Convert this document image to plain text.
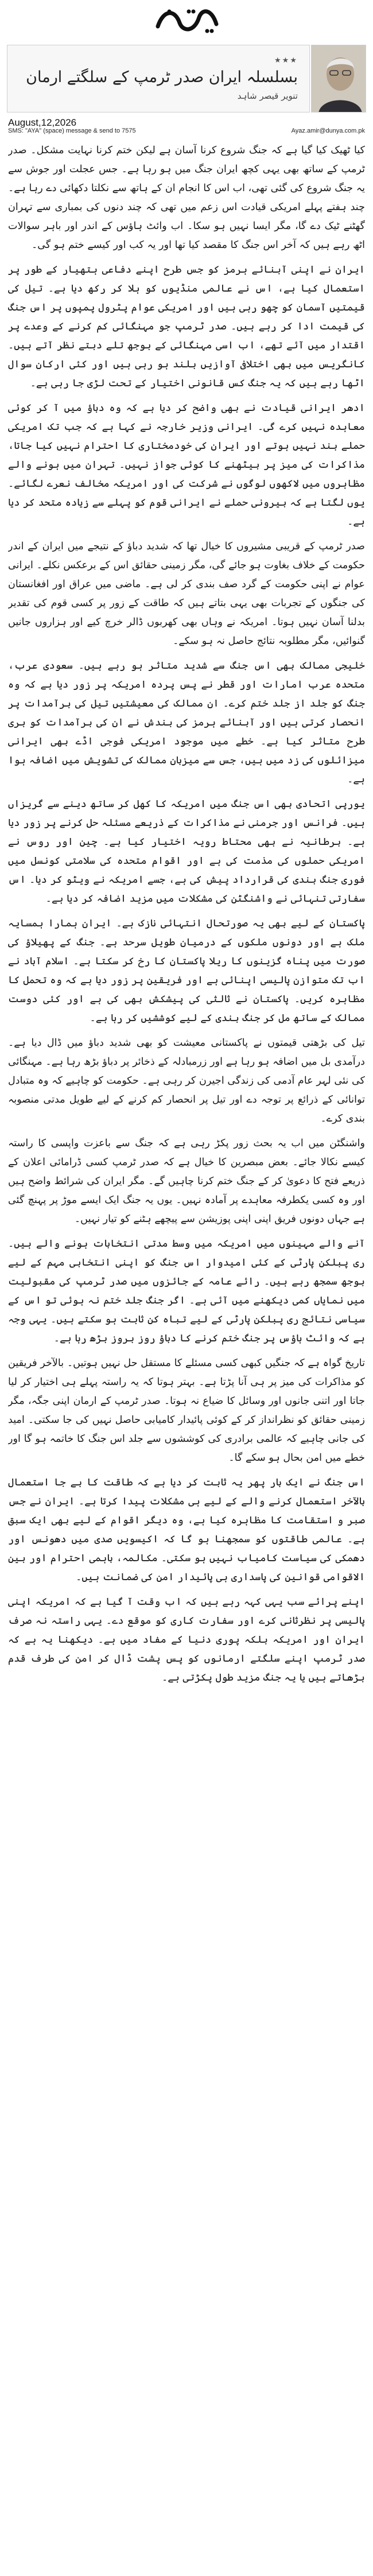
★★★
بسلسلہ ایران صدر ٹرمپ کے سلگتے ارمان
تنویر قیصر شاہد
August,12,2026
SMS: "AYA" (space) message & send to 7575	Ayaz.amir@dunya.com.pk

کیا ٹھیک کیا گیا ہے کہ جنگ شروع کرنا آسان ہے لیکن ختم کرنا نہایت مشکل۔ صدر ٹرمپ کے ساتھ بھی یہی کچھ ایران جنگ میں ہو رہا ہے۔ جس عجلت اور جوش سے یہ جنگ شروع کی گئی تھی، اب اس کا انجام ان کے ہاتھ سے نکلتا دکھائی دے رہا ہے۔ چند ہفتے پہلے امریکی قیادت اس زعم میں تھی کہ چند دنوں کی بمباری سے تہران گھٹنے ٹیک دے گا، مگر ایسا نہیں ہو سکا۔ اب وائٹ ہاؤس کے اندر اور باہر سوالات اٹھ رہے ہیں کہ آخر اس جنگ کا مقصد کیا تھا اور یہ کب اور کیسے ختم ہو گی۔

ایران نے اپنی آبنائے ہرمز کو جس طرح اپنے دفاعی ہتھیار کے طور پر استعمال کیا ہے، اس نے عالمی منڈیوں کو ہلا کر رکھ دیا ہے۔ تیل کی قیمتیں آسمان کو چھو رہی ہیں اور امریکی عوام پٹرول پمپوں پر اس جنگ کی قیمت ادا کر رہے ہیں۔ صدر ٹرمپ جو مہنگائی کم کرنے کے وعدے پر اقتدار میں آئے تھے، اب اسی مہنگائی کے بوجھ تلے دبتے نظر آتے ہیں۔ کانگریس میں بھی اختلافی آوازیں بلند ہو رہی ہیں اور کئی ارکان سوال اٹھا رہے ہیں کہ یہ جنگ کس قانونی اختیار کے تحت لڑی جا رہی ہے۔

ادھر ایرانی قیادت نے بھی واضح کر دیا ہے کہ وہ دباؤ میں آ کر کوئی معاہدہ نہیں کرے گی۔ ایرانی وزیر خارجہ نے کہا ہے کہ جب تک امریکی حملے بند نہیں ہوتے اور ایران کی خودمختاری کا احترام نہیں کیا جاتا، مذاکرات کی میز پر بیٹھنے کا کوئی جواز نہیں۔ تہران میں ہونے والے مظاہروں میں لاکھوں لوگوں نے شرکت کی اور امریکہ مخالف نعرے لگائے۔ یوں لگتا ہے کہ بیرونی حملے نے ایرانی قوم کو پہلے سے زیادہ متحد کر دیا ہے۔

صدر ٹرمپ کے قریبی مشیروں کا خیال تھا کہ شدید دباؤ کے نتیجے میں ایران کے اندر حکومت کے خلاف بغاوت ہو جائے گی، مگر زمینی حقائق اس کے برعکس نکلے۔ ایرانی عوام نے اپنی حکومت کے گرد صف بندی کر لی ہے۔ ماضی میں عراق اور افغانستان کی جنگوں کے تجربات بھی یہی بتاتے ہیں کہ طاقت کے زور پر کسی قوم کی تقدیر بدلنا آسان نہیں ہوتا۔ امریکہ نے وہاں بھی کھربوں ڈالر خرچ کیے اور ہزاروں جانیں گنوائیں، مگر مطلوبہ نتائج حاصل نہ ہو سکے۔

خلیجی ممالک بھی اس جنگ سے شدید متاثر ہو رہے ہیں۔ سعودی عرب، متحدہ عرب امارات اور قطر نے پس پردہ امریکہ پر زور دیا ہے کہ وہ جنگ کو جلد از جلد ختم کرے۔ ان ممالک کی معیشتیں تیل کی برآمدات پر انحصار کرتی ہیں اور آبنائے ہرمز کی بندش نے ان کی برآمدات کو بری طرح متاثر کیا ہے۔ خطے میں موجود امریکی فوجی اڈے بھی ایرانی میزائلوں کی زد میں ہیں، جس سے میزبان ممالک کی تشویش میں اضافہ ہوا ہے۔

یورپی اتحادی بھی اس جنگ میں امریکہ کا کھل کر ساتھ دینے سے گریزاں ہیں۔ فرانس اور جرمنی نے مذاکرات کے ذریعے مسئلہ حل کرنے پر زور دیا ہے۔ برطانیہ نے بھی محتاط رویہ اختیار کیا ہے۔ چین اور روس نے امریکی حملوں کی مذمت کی ہے اور اقوام متحدہ کی سلامتی کونسل میں فوری جنگ بندی کی قرارداد پیش کی ہے، جسے امریکہ نے ویٹو کر دیا۔ اس سفارتی تنہائی نے واشنگٹن کی مشکلات میں مزید اضافہ کر دیا ہے۔

پاکستان کے لیے بھی یہ صورتحال انتہائی نازک ہے۔ ایران ہمارا ہمسایہ ملک ہے اور دونوں ملکوں کے درمیان طویل سرحد ہے۔ جنگ کے پھیلاؤ کی صورت میں پناہ گزینوں کا ریلا پاکستان کا رخ کر سکتا ہے۔ اسلام آباد نے اب تک متوازن پالیسی اپنائی ہے اور فریقین پر زور دیا ہے کہ وہ تحمل کا مظاہرہ کریں۔ پاکستان نے ثالثی کی پیشکش بھی کی ہے اور کئی دوست ممالک کے ساتھ مل کر جنگ بندی کے لیے کوششیں کر رہا ہے۔

تیل کی بڑھتی قیمتوں نے پاکستانی معیشت کو بھی شدید دباؤ میں ڈال دیا ہے۔ درآمدی بل میں اضافہ ہو رہا ہے اور زرمبادلہ کے ذخائر پر دباؤ بڑھ رہا ہے۔ مہنگائی کی نئی لہر عام آدمی کی زندگی اجیرن کر رہی ہے۔ حکومت کو چاہیے کہ وہ متبادل توانائی کے ذرائع پر توجہ دے اور تیل پر انحصار کم کرنے کے لیے طویل مدتی منصوبہ بندی کرے۔

واشنگٹن میں اب یہ بحث زور پکڑ رہی ہے کہ جنگ سے باعزت واپسی کا راستہ کیسے نکالا جائے۔ بعض مبصرین کا خیال ہے کہ صدر ٹرمپ کسی ڈرامائی اعلان کے ذریعے فتح کا دعویٰ کر کے جنگ ختم کرنا چاہیں گے۔ مگر ایران کی شرائط واضح ہیں اور وہ کسی یکطرفہ معاہدے پر آمادہ نہیں۔ یوں یہ جنگ ایک ایسے موڑ پر پہنچ گئی ہے جہاں دونوں فریق اپنی اپنی پوزیشن سے پیچھے ہٹنے کو تیار نہیں۔

آنے والے مہینوں میں امریکہ میں وسط مدتی انتخابات ہونے والے ہیں۔ ری پبلکن پارٹی کے کئی امیدوار اس جنگ کو اپنی انتخابی مہم کے لیے بوجھ سمجھ رہے ہیں۔ رائے عامہ کے جائزوں میں صدر ٹرمپ کی مقبولیت میں نمایاں کمی دیکھنے میں آئی ہے۔ اگر جنگ جلد ختم نہ ہوئی تو اس کے سیاسی نتائج ری پبلکن پارٹی کے لیے تباہ کن ثابت ہو سکتے ہیں۔ یہی وجہ ہے کہ وائٹ ہاؤس پر جنگ ختم کرنے کا دباؤ روز بروز بڑھ رہا ہے۔

تاریخ گواہ ہے کہ جنگیں کبھی کسی مسئلے کا مستقل حل نہیں ہوتیں۔ بالآخر فریقین کو مذاکرات کی میز پر ہی آنا پڑتا ہے۔ بہتر ہوتا کہ یہ راستہ پہلے ہی اختیار کر لیا جاتا اور اتنی جانوں اور وسائل کا ضیاع نہ ہوتا۔ صدر ٹرمپ کے ارمان اپنی جگہ، مگر زمینی حقائق کو نظرانداز کر کے کوئی پائیدار کامیابی حاصل نہیں کی جا سکتی۔ امید کی جانی چاہیے کہ عالمی برادری کی کوششوں سے جلد اس جنگ کا خاتمہ ہو گا اور خطے میں امن بحال ہو سکے گا۔

اس جنگ نے ایک بار پھر یہ ثابت کر دیا ہے کہ طاقت کا بے جا استعمال بالآخر استعمال کرنے والے کے لیے ہی مشکلات پیدا کرتا ہے۔ ایران نے جس صبر و استقامت کا مظاہرہ کیا ہے، وہ دیگر اقوام کے لیے بھی ایک سبق ہے۔ عالمی طاقتوں کو سمجھنا ہو گا کہ اکیسویں صدی میں دھونس اور دھمکی کی سیاست کامیاب نہیں ہو سکتی۔ مکالمہ، باہمی احترام اور بین الاقوامی قوانین کی پاسداری ہی پائیدار امن کی ضمانت ہیں۔

اپنے پرائے سب یہی کہہ رہے ہیں کہ اب وقت آ گیا ہے کہ امریکہ اپنی پالیسی پر نظرثانی کرے اور سفارت کاری کو موقع دے۔ یہی راستہ نہ صرف ایران اور امریکہ بلکہ پوری دنیا کے مفاد میں ہے۔ دیکھنا یہ ہے کہ صدر ٹرمپ اپنے سلگتے ارمانوں کو پس پشت ڈال کر امن کی طرف قدم بڑھاتے ہیں یا یہ جنگ مزید طول پکڑتی ہے۔
